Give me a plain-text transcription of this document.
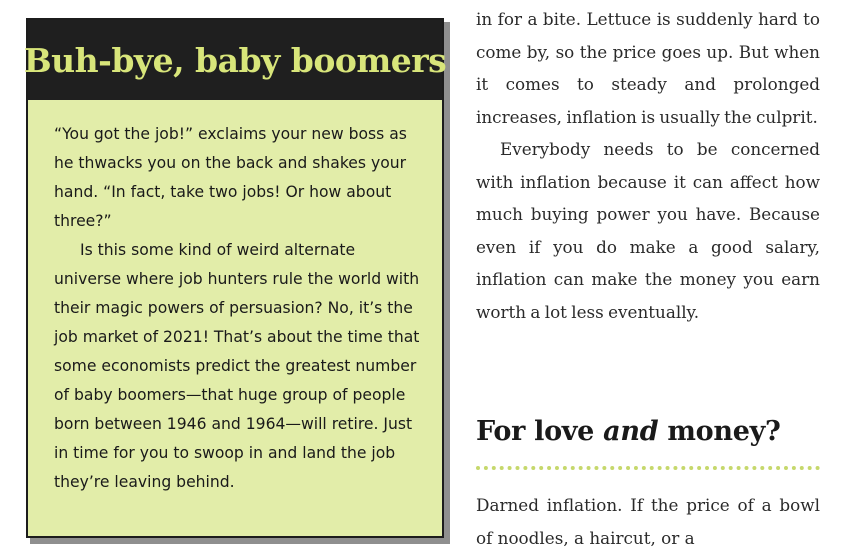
Buh-bye, baby boomers

“You got the job!” exclaims your new boss as he thwacks you on the back and shakes your hand. “In fact, take two jobs! Or how about three?”

Is this some kind of weird alternate universe where job hunters rule the world with their magic powers of persuasion? No, it’s the job market of 2021! That’s about the time that some economists predict the greatest number of baby boomers—that huge group of people born between 1946 and 1964—will retire. Just in time for you to swoop in and land the job they’re leaving behind.

in for a bite. Lettuce is suddenly hard to come by, so the price goes up. But when it comes to steady and prolonged increases, inflation is usually the culprit.

Everybody needs to be concerned with inflation because it can affect how much buying power you have. Because even if you do make a good salary, inflation can make the money you earn worth a lot less eventually.

For love and money?

Darned inflation. If the price of a bowl of noodles, a haircut, or a
